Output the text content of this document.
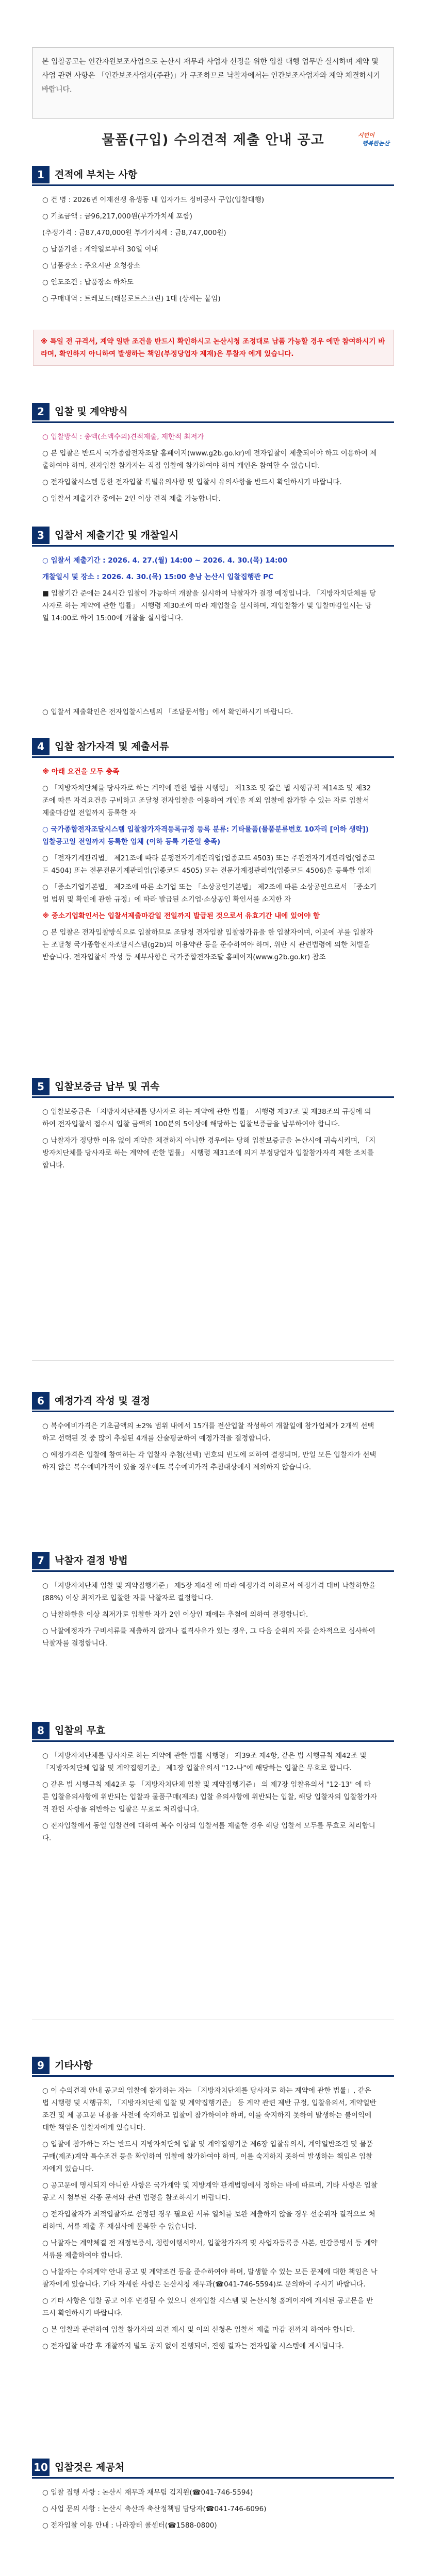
본 입찰공고는 인간자원보조사업으로 논산시 재무과 사업자 선정을 위한 입찰 대행 업무만 실시하며 계약 및 사업 관련 사항은 「인간보조사업자(주관)」가 구조하므로 낙찰자에서는 인간보조사업자와 계약 체결하시기 바랍니다.
물품(구입) 수의견적 제출 안내 공고	시민이
행복한논산
1	견적에 부치는 사항

○ 건 명 : 2026년 이재전쟁 유생동 내 입자가드 정비공사 구입(입찰대행)

○ 기초금액 : 금96,217,000원(부가가치세 포함)

(추정가격 : 금87,470,000원 부가가치세 : 금8,747,000원)

○ 납품기한 : 계약일로부터 30일 이내

○ 납품장소 : 주요시판 요청장소

○ 인도조건 : 납품장소 하차도

○ 구매내역 : 트레보드(태블로트스크린) 1대 (상세는 붙임)

※ 특일 전 규격서, 계약 일반 조건을 반드시 확인하시고 논산시청 조정대로 납품 가능할 경우 에만 참여하시기 바라며, 확인하지 아니하여 발생하는 책임(부정당업자 제재)은 투찰자 에게 있습니다.
2	입찰 및 계약방식

○ 입찰방식 : 총액(소액수의)견적제출, 제한적 최저가

○ 본 입찰은 반드시 국가종합전자조달 홈페이지(www.g2b.go.kr)에 전자입찰이 제출되어야 하고 이용하여 제출하여야 하며, 전자입찰 참가자는 직접 입찰에 참가하여야 하며 개인은 참여할 수 없습니다.

○ 전자입찰시스템 통한 전자입찰 특별유의사항 및 입찰시 유의사항을 반드시 확인하시기 바랍니다.

○ 입찰서 제출기간 중에는 2인 이상 견적 제출 가능합니다.

3	입찰서 제출기간 및 개찰일시

○ 입찰서 제출기간 : 2026. 4. 27.(월) 14:00 ~ 2026. 4. 30.(목) 14:00

개찰일시 및 장소 : 2026. 4. 30.(목) 15:00 충남 논산시 입찰집행관 PC

■ 입찰기간 준에는 24시간 입찰이 가능하며 개찰을 실시하여 낙찰자가 결정 예정입니다. 「지방자치단체를 당사자로 하는 계약에 관한 법률」 시행령 제30조에 따라 재입찰을 실시하며, 재입찰참가 및 입찰마감일시는 당일 14:00로 하여 15:00에 개찰을 실시합니다.

○ 입찰서 제출확인은 전자입찰시스템의 「조달문서함」에서 확인하시기 바랍니다.

4	입찰 참가자격 및 제출서류

※ 아래 요건을 모두 충족

○ 「지방자치단체를 당사자로 하는 계약에 관한 법률 시행령」 제13조 및 같은 법 시행규칙 제14조 및 제32조에 따른 자격요건을 구비하고 조달청 전자입찰을 이용하여 개인을 제외 입찰에 참가할 수 있는 자로 입찰서 제출마감일 전일까지 등록한 자

○ 국가종합전자조달시스템 입찰참가자격등록규정 등록 분류: 기타물품(물품분류번호 10자리 [이하 생략]) 입찰공고일 전일까지 등록한 업체 (이하 등록 기준일 충족)

○ 「전자기계관리법」 제21조에 따라 분쟁전자기계관리업(업종코드 4503) 또는 주관전자기계관리업(업종코드 4504) 또는 전문전문기계관리업(업종코드 4505) 또는 전문가계정관리업(업종코드 4506)을 등록한 업체

○ 「중소기업기본법」 제2조에 따른 소기업 또는 「소상공인기본법」 제2조에 따른 소상공인으로서 「중소기업 범위 및 확인에 관한 규정」에 따라 발급된 소기업·소상공인 확인서를 소지한 자

※ 중소기업확인서는 입찰서제출마감일 전일까지 발급된 것으로서 유효기간 내에 있어야 함

○ 본 입찰은 전자입찰방식으로 입찰하므로 조달청 전자입찰 입찰참가유을 한 입찰자이며, 이곳에 부를 입찰자는 조달청 국가종합전자조달시스템(g2b)의 이용약관 등을 준수하여야 하며, 위반 시 관련법령에 의한 처벌을 받습니다. 전자입찰서 작성 등 세부사항은 국가종합전자조달 홈페이지(www.g2b.go.kr) 참조

5	입찰보증금 납부 및 귀속

○ 입찰보증금은 「지방자치단체를 당사자로 하는 계약에 관한 법률」 시행령 제37조 및 제38조의 규정에 의하여 전자입찰서 접수시 입찰 금액의 100분의 5이상에 해당하는 입찰보증금을 납부하여야 합니다.

○ 낙찰자가 정당한 이유 없이 계약을 체결하지 아니한 경우에는 당해 입찰보증금을 논산시에 귀속시키며, 「지방자치단체를 당사자로 하는 계약에 관한 법률」 시행령 제31조에 의거 부정당업자 입찰참가자격 제한 조치를 합니다.

6	예정가격 작성 및 결정

○ 복수예비가격은 기초금액의 ±2% 범위 내에서 15개를 전산입찰 작성하여 개찰일에 참가업체가 2개씩 선택하고 선택된 것 중 많이 추첨된 4개를 산술평균하여 예정가격을 결정합니다.

○ 예정가격은 입찰에 참여하는 각 입찰자 추첨(선택) 번호의 빈도에 의하여 결정되며, 만일 모든 입찰자가 선택하지 않은 복수예비가격이 있을 경우에도 복수예비가격 추첨대상에서 제외하지 않습니다.

7	낙찰자 결정 방법

○ 「지방자치단체 입찰 및 계약집행기준」 제5장 제4절 에 따라 예정가격 이하로서 예정가격 대비 낙찰하한율(88%) 이상 최저가로 입찰한 자를 낙찰자로 결정합니다.

○ 낙찰하한율 이상 최저가로 입찰한 자가 2인 이상인 때에는 추첨에 의하여 결정합니다.

○ 낙찰예정자가 구비서류를 제출하지 않거나 결격사유가 있는 경우, 그 다음 순위의 자를 순차적으로 심사하여 낙찰자를 결정합니다.

8	입찰의 무효

○ 「지방자치단체를 당사자로 하는 계약에 관한 법률 시행령」 제39조 제4항, 같은 법 시행규칙 제42조 및 「지방자치단체 입찰 및 계약집행기준」 제1장 입찰유의서 "12-나"에 해당하는 입찰은 무효로 합니다.

○ 같은 법 시행규칙 제42조 등 「지방자치단체 입찰 및 계약집행기준」 의 제7장 입찰유의서 "12-13" 에 따른 입찰유의사항에 위반되는 입찰과 물품구매(제조) 입찰 유의사항에 위반되는 입찰, 해당 입찰자의 입찰참가자격 관련 사항을 위반하는 입찰은 무효로 처리합니다.

○ 전자입찰에서 동일 입찰건에 대하여 복수 이상의 입찰서를 제출한 경우 해당 입찰서 모두를 무효로 처리합니다.

9	기타사항

○ 이 수의견적 안내 공고의 입찰에 참가하는 자는 「지방자치단체를 당사자로 하는 계약에 관한 법률」, 같은 법 시행령 및 시행규칙, 「지방자치단체 입찰 및 계약집행기준」 등 계약 관련 제반 규정, 입찰유의서, 계약일반조건 및 제 공고문 내용을 사전에 숙지하고 입찰에 참가하여야 하며, 이를 숙지하지 못하여 발생하는 불이익에 대한 책임은 입찰자에게 있습니다.

○ 입찰에 참가하는 자는 반드시 지방자치단체 입찰 및 계약집행기준 제6장 입찰유의서, 계약일반조건 및 물품구매(제조)계약 특수조건 등을 확인하여 입찰에 참가하여야 하며, 이를 숙지하지 못하여 발생하는 책임은 입찰자에게 있습니다.

○ 공고문에 명시되지 아니한 사항은 국가계약 및 지방계약 관계법령에서 정하는 바에 따르며, 기타 사항은 입찰 공고 시 첨부된 각종 문서와 관련 법령을 참조하시기 바랍니다.

○ 전자입찰자가 최적입찰자로 선정된 경우 필요한 서류 일체를 보완 제출하지 않을 경우 선순위자 결격으로 처리하며, 서류 제출 후 재심사에 불복할 수 없습니다.

○ 낙찰자는 계약체결 전 재정보증서, 청렴이행서약서, 입찰참가자격 및 사업자등록증 사본, 인감증명서 등 계약서류를 제출하여야 합니다.

○ 낙찰자는 수의계약 안내 공고 및 계약조건 등을 준수하여야 하며, 발생할 수 있는 모든 문제에 대한 책임은 낙찰자에게 있습니다. 기타 자세한 사항은 논산시청 재무과(☎041-746-5594)로 문의하여 주시기 바랍니다.

○ 기타 사항은 입찰 공고 이후 변경될 수 있으니 전자입찰 시스템 및 논산시청 홈페이지에 게시된 공고문을 반드시 확인하시기 바랍니다.

○ 본 입찰과 관련하여 입찰 참가자의 의견 제시 및 이의 신청은 입찰서 제출 마감 전까지 하여야 합니다.

○ 전자입찰 마감 후 개찰까지 별도 공지 없이 진행되며, 진행 결과는 전자입찰 시스템에 게시됩니다.

10 입찰것은 제공처

○ 입찰 집행 사항 : 논산시 재무과 재무팀 김지원(☎041-746-5594)

○ 사업 문의 사항 : 논산시 축산과 축산정책팀 담당자(☎041-746-6096)

○ 전자입찰 이용 안내 : 나라장터 콜센터(☎1588-0800)
